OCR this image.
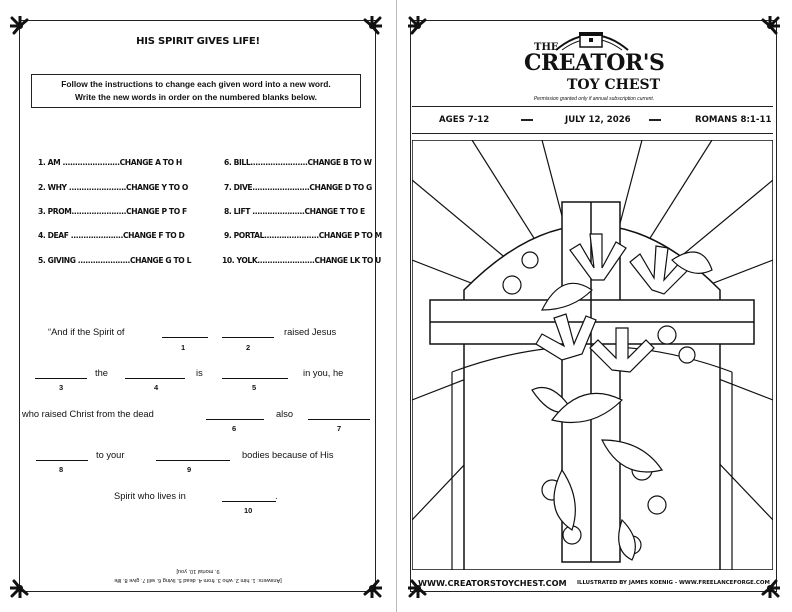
HIS SPIRIT GIVES LIFE!
Follow the instructions to change each given word into a new word.
Write the new words in order on the numbered blanks below.
1. AM .......................CHANGE A TO H
2. WHY .......................CHANGE Y TO O
3. PROM......................CHANGE P TO F
4. DEAF .....................CHANGE F TO D
5. GIVING .....................CHANGE G TO L
6. BILL.......................CHANGE B TO W
7. DIVE.......................CHANGE D TO G
8. LIFT .....................CHANGE T TO E
9. PORTAL......................CHANGE P TO M
10. YOLK.......................CHANGE LK TO U
“And if the Spirit of
1	2
raised Jesus
3
the
4
is
5
in you, he
who raised Christ from the dead
6
also
7
8
to your
9
bodies because of His
Spirit who lives in	.
10
[Answers: 1. him 2. who 3. from 4. dead 5. living 6. will 7. give 8. life
9. mortal 10. you]
THE
CREATOR'S
TOY CHEST
Permission granted only if annual subscription current.
AGES 7-12	JULY 12, 2026	ROMANS 8:1-11
WWW.CREATORSTOYCHEST.COM ILLUSTRATED BY JAMES KOENIG - WWW.FREELANCEFORGE.COM
